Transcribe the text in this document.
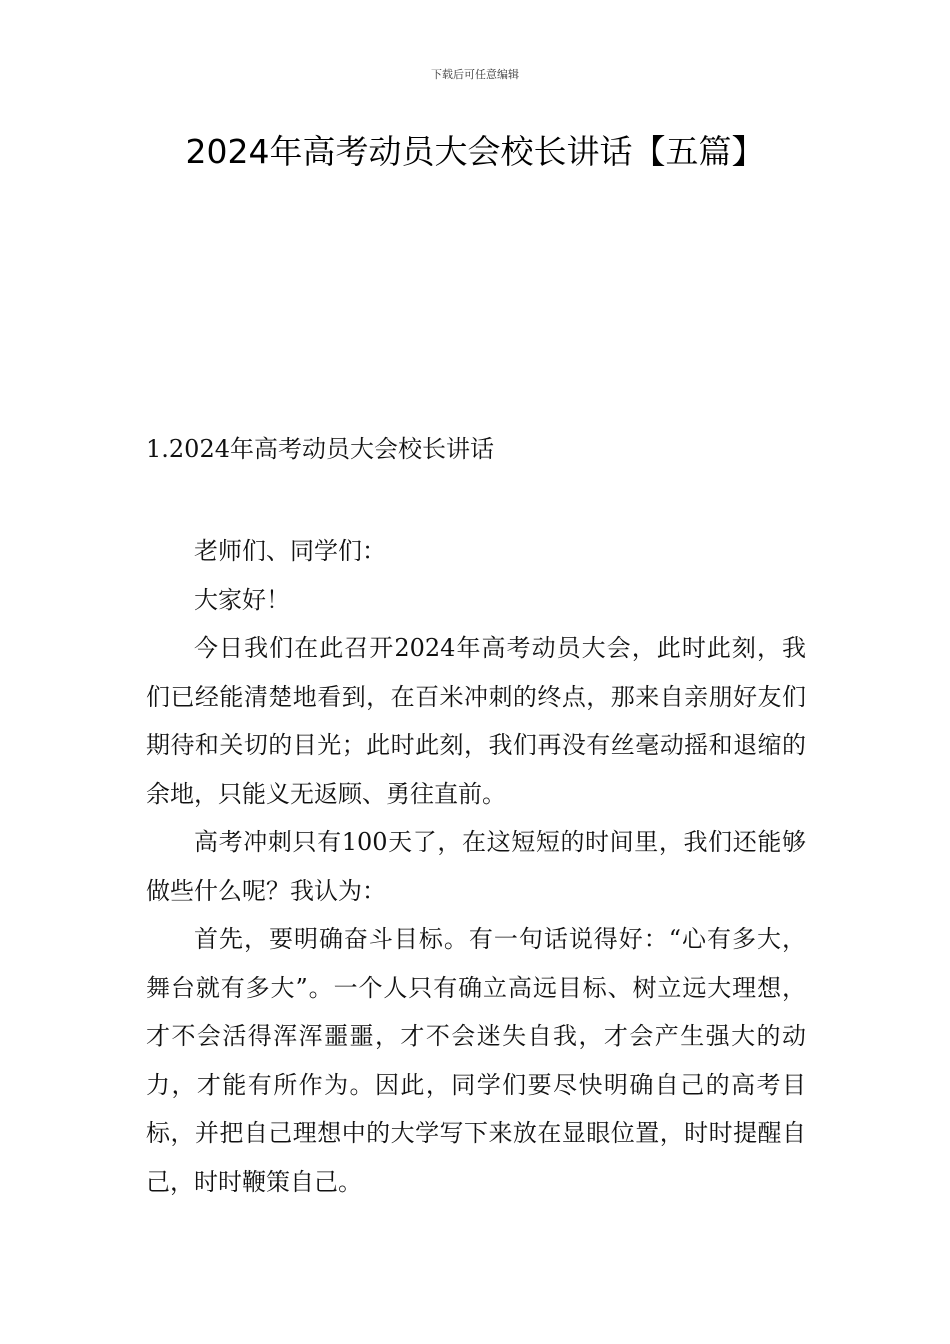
下载后可任意编辑
2024年高考动员大会校长讲话【五篇】
1.2024年高考动员大会校长讲话

老师们、同学们：

大家好！

今日我们在此召开2024年高考动员大会，此时此刻，我们已经能清楚地看到，在百米冲刺的终点，那来自亲朋好友们期待和关切的目光；此时此刻，我们再没有丝毫动摇和退缩的余地，只能义无返顾、勇往直前。

高考冲刺只有100天了，在这短短的时间里，我们还能够做些什么呢？我认为：

首先，要明确奋斗目标。有一句话说得好：“心有多大，舞台就有多大”。一个人只有确立高远目标、树立远大理想，才不会活得浑浑噩噩，才不会迷失自我，才会产生强大的动力，才能有所作为。因此，同学们要尽快明确自己的高考目标，并把自己理想中的大学写下来放在显眼位置，时时提醒自己，时时鞭策自己。
